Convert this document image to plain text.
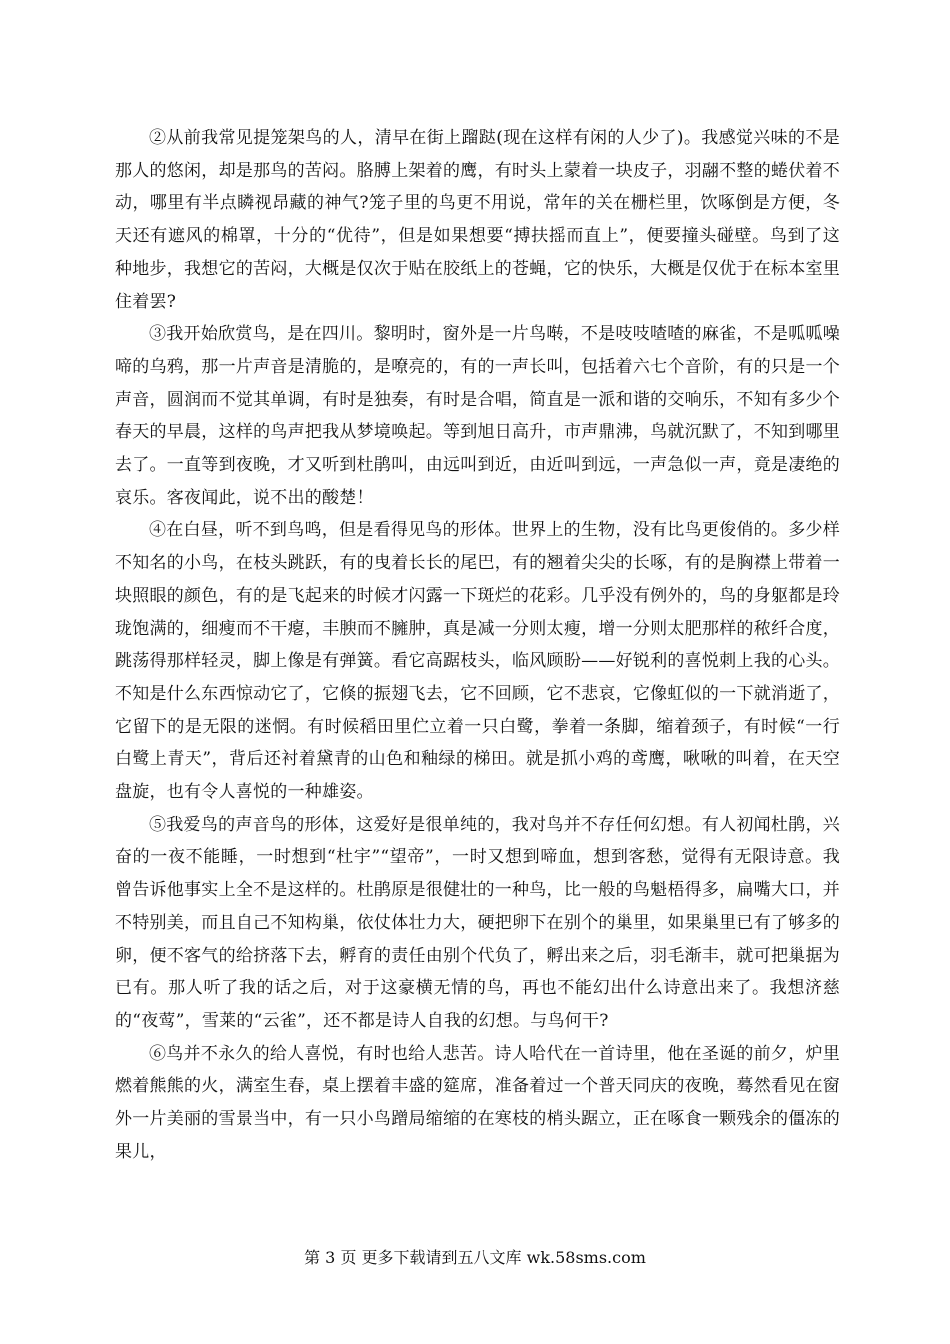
②从前我常见提笼架鸟的人，清早在街上蹓跶(现在这样有闲的人少了)。我感觉兴味的不是那人的悠闲，却是那鸟的苦闷。胳膊上架着的鹰，有时头上蒙着一块皮子，羽翮不整的蜷伏着不动，哪里有半点瞵视昂藏的神气?笼子里的鸟更不用说，常年的关在栅栏里，饮啄倒是方便，冬天还有遮风的棉罩，十分的“优待”，但是如果想要“搏扶摇而直上”，便要撞头碰壁。鸟到了这种地步，我想它的苦闷，大概是仅次于贴在胶纸上的苍蝇，它的快乐，大概是仅优于在标本室里住着罢?

③我开始欣赏鸟，是在四川。黎明时，窗外是一片鸟啭，不是吱吱喳喳的麻雀，不是呱呱噪啼的乌鸦，那一片声音是清脆的，是嘹亮的，有的一声长叫，包括着六七个音阶，有的只是一个声音，圆润而不觉其单调，有时是独奏，有时是合唱，简直是一派和谐的交响乐，不知有多少个春天的早晨，这样的鸟声把我从梦境唤起。等到旭日高升，市声鼎沸，鸟就沉默了，不知到哪里去了。一直等到夜晚，才又听到杜鹃叫，由远叫到近，由近叫到远，一声急似一声，竟是凄绝的哀乐。客夜闻此，说不出的酸楚！

④在白昼，听不到鸟鸣，但是看得见鸟的形体。世界上的生物，没有比鸟更俊俏的。多少样不知名的小鸟，在枝头跳跃，有的曳着长长的尾巴，有的翘着尖尖的长啄，有的是胸襟上带着一块照眼的颜色，有的是飞起来的时候才闪露一下斑烂的花彩。几乎没有例外的，鸟的身躯都是玲珑饱满的，细瘦而不干瘪，丰腴而不臃肿，真是减一分则太瘦，增一分则太肥那样的秾纤合度，跳荡得那样轻灵，脚上像是有弹簧。看它高踞枝头，临风顾盼——好锐利的喜悦刺上我的心头。不知是什么东西惊动它了，它倏的振翅飞去，它不回顾，它不悲哀，它像虹似的一下就消逝了，它留下的是无限的迷惘。有时候稻田里伫立着一只白鹭，拳着一条脚，缩着颈子，有时候“一行白鹭上青天”，背后还衬着黛青的山色和釉绿的梯田。就是抓小鸡的鸢鹰，啾啾的叫着，在天空盘旋，也有令人喜悦的一种雄姿。

⑤我爱鸟的声音鸟的形体，这爱好是很单纯的，我对鸟并不存任何幻想。有人初闻杜鹃，兴奋的一夜不能睡，一时想到“杜宇”“望帝”，一时又想到啼血，想到客愁，觉得有无限诗意。我曾告诉他事实上全不是这样的。杜鹃原是很健壮的一种鸟，比一般的鸟魁梧得多，扁嘴大口，并不特别美，而且自己不知构巢，依仗体壮力大，硬把卵下在别个的巢里，如果巢里已有了够多的卵，便不客气的给挤落下去，孵育的责任由别个代负了，孵出来之后，羽毛渐丰，就可把巢据为已有。那人听了我的话之后，对于这豪横无情的鸟，再也不能幻出什么诗意出来了。我想济慈的“夜莺”，雪莱的“云雀”，还不都是诗人自我的幻想。与鸟何干?

⑥鸟并不永久的给人喜悦，有时也给人悲苦。诗人哈代在一首诗里，他在圣诞的前夕，炉里燃着熊熊的火，满室生春，桌上摆着丰盛的筵席，准备着过一个普天同庆的夜晚，蓦然看见在窗外一片美丽的雪景当中，有一只小鸟蹭局缩缩的在寒枝的梢头踞立，正在啄食一颗残余的僵冻的果儿，

第 3 页 更多下载请到五八文库 wk.58sms.com
